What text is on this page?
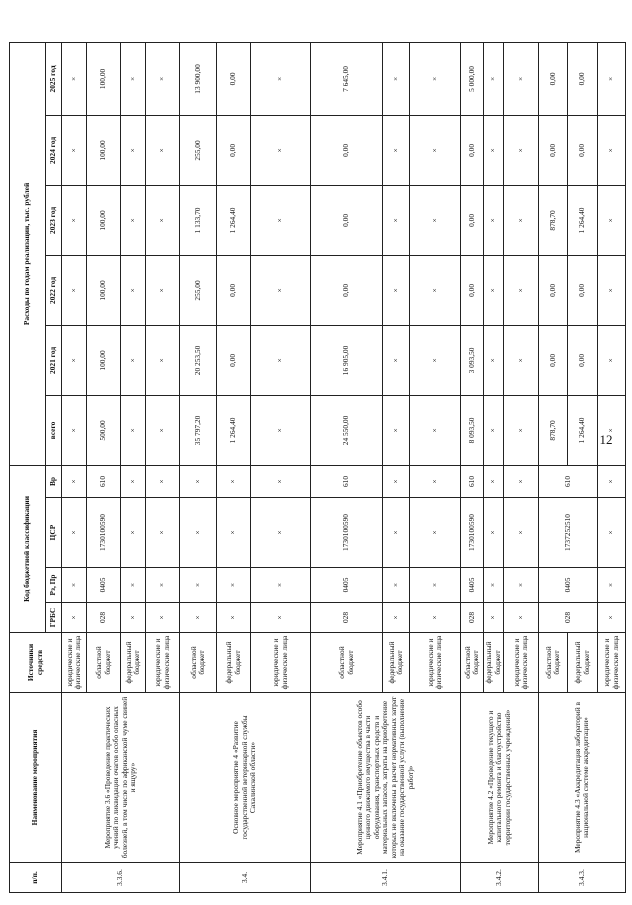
12
п/п.	Наименование мероприятия	Источники средств	Код бюджетной классификации				Расходы по годам реализации, тыс. рублей					
			ГРБС	Рз, Пр	ЦСР	Вр	всего	2021 год	2022 год	2023 год	2024 год	2025 год
3.3.6.	Мероприятие 3.6 «Проведение практических учений по ликвидации очагов особо опасных болезней, в том числе по африканской чуме свиней и ящуру»	юридические и физические лица	×	×	×	×	×	×	×	×	×	×
		областной бюджет	028	0405	1730100590	610	500,00	100,00	100,00	100,00	100,00	100,00
		федеральный бюджет	×	×	×	×	×	×	×	×	×	×
		юридические и физические лица	×	×	×	×	×	×	×	×	×	×
3.4.	Основное мероприятие 4 «Развитие государственной ветеринарной службы Сахалинской области»	областной бюджет	×	×	×	×	35 797,20	20 253,50	255,00	1 133,70	255,00	13 900,00
		федеральный бюджет	×	×	×	×	1 264,40	0,00	0,00	1 264,40	0,00	0,00
		юридические и физические лица	×	×	×	×	×	×	×	×	×	×
3.4.1.	Мероприятие 4.1 «Приобретение объектов особо ценного движимого имущества в части оборудования, транспортных средств и материальных запасов, затраты на приобретение которых не включены в расчет нормативных затрат на оказание государственной услуги (выполнение работ)»	областной бюджет	028	0405	1730100590	610	24 550,00	16 905,00	0,00	0,00	0,00	7 645,00
		федеральный бюджет	×	×	×	×	×	×	×	×	×	×
		юридические и физические лица	×	×	×	×	×	×	×	×	×	×
3.4.2.	Мероприятие 4.2 «Проведение текущего и капитального ремонта и благоустройство территории государственных учреждений»	областной бюджет	028	0405	1730100590	610	8 093,50	3 093,50	0,00	0,00	0,00	5 000,00
		федеральный бюджет	×	×	×	×	×	×	×	×	×	×
		юридические и физические лица	×	×	×	×	×	×	×	×	×	×
3.4.3.	Мероприятие 4.3 «Аккредитация лабораторий в национальной системе аккредитации»	областной бюджет	028	0405	1737252510	610	878,70	0,00	0,00	878,70	0,00	0,00
		федеральный бюджет					1 264,40	0,00	0,00	1 264,40	0,00	0,00
		юридические и физические лица	×	×	×	×	×	×	×	×	×	×
